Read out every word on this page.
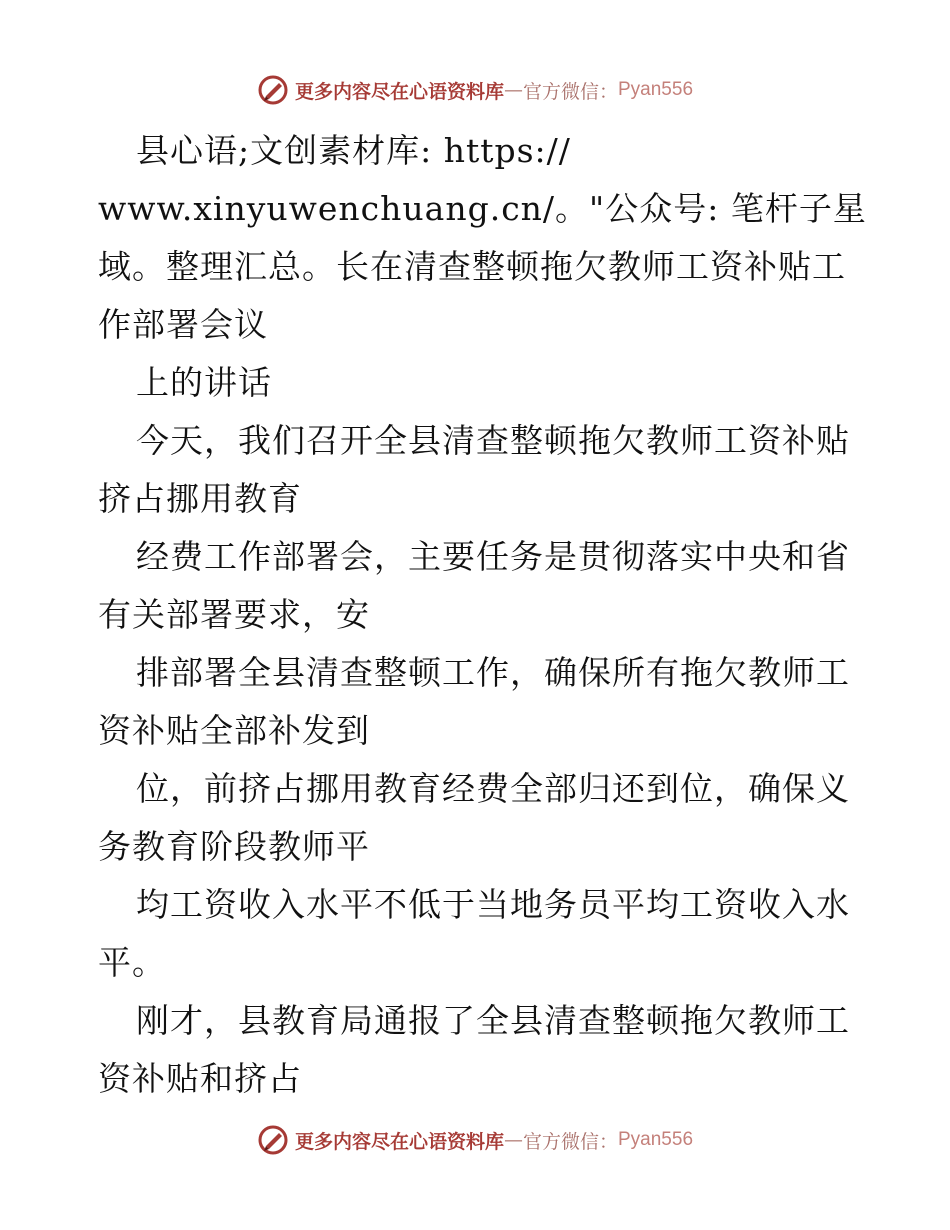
更多内容尽在心语资料库 — 官方微信： Pyan556
县心语;文创素材库: https://
www.xinyuwenchuang.cn/。"公众号: 笔杆子星
域。整理汇总。长在清查整顿拖欠教师工资补贴工
作部署会议
上的讲话
今天，我们召开全县清查整顿拖欠教师工资补贴
挤占挪用教育
经费工作部署会，主要任务是贯彻落实中央和省
有关部署要求，安
排部署全县清查整顿工作，确保所有拖欠教师工
资补贴全部补发到
位，前挤占挪用教育经费全部归还到位，确保义
务教育阶段教师平
均工资收入水平不低于当地务员平均工资收入水
平。
刚才，县教育局通报了全县清查整顿拖欠教师工
资补贴和挤占
更多内容尽在心语资料库 — 官方微信： Pyan556
